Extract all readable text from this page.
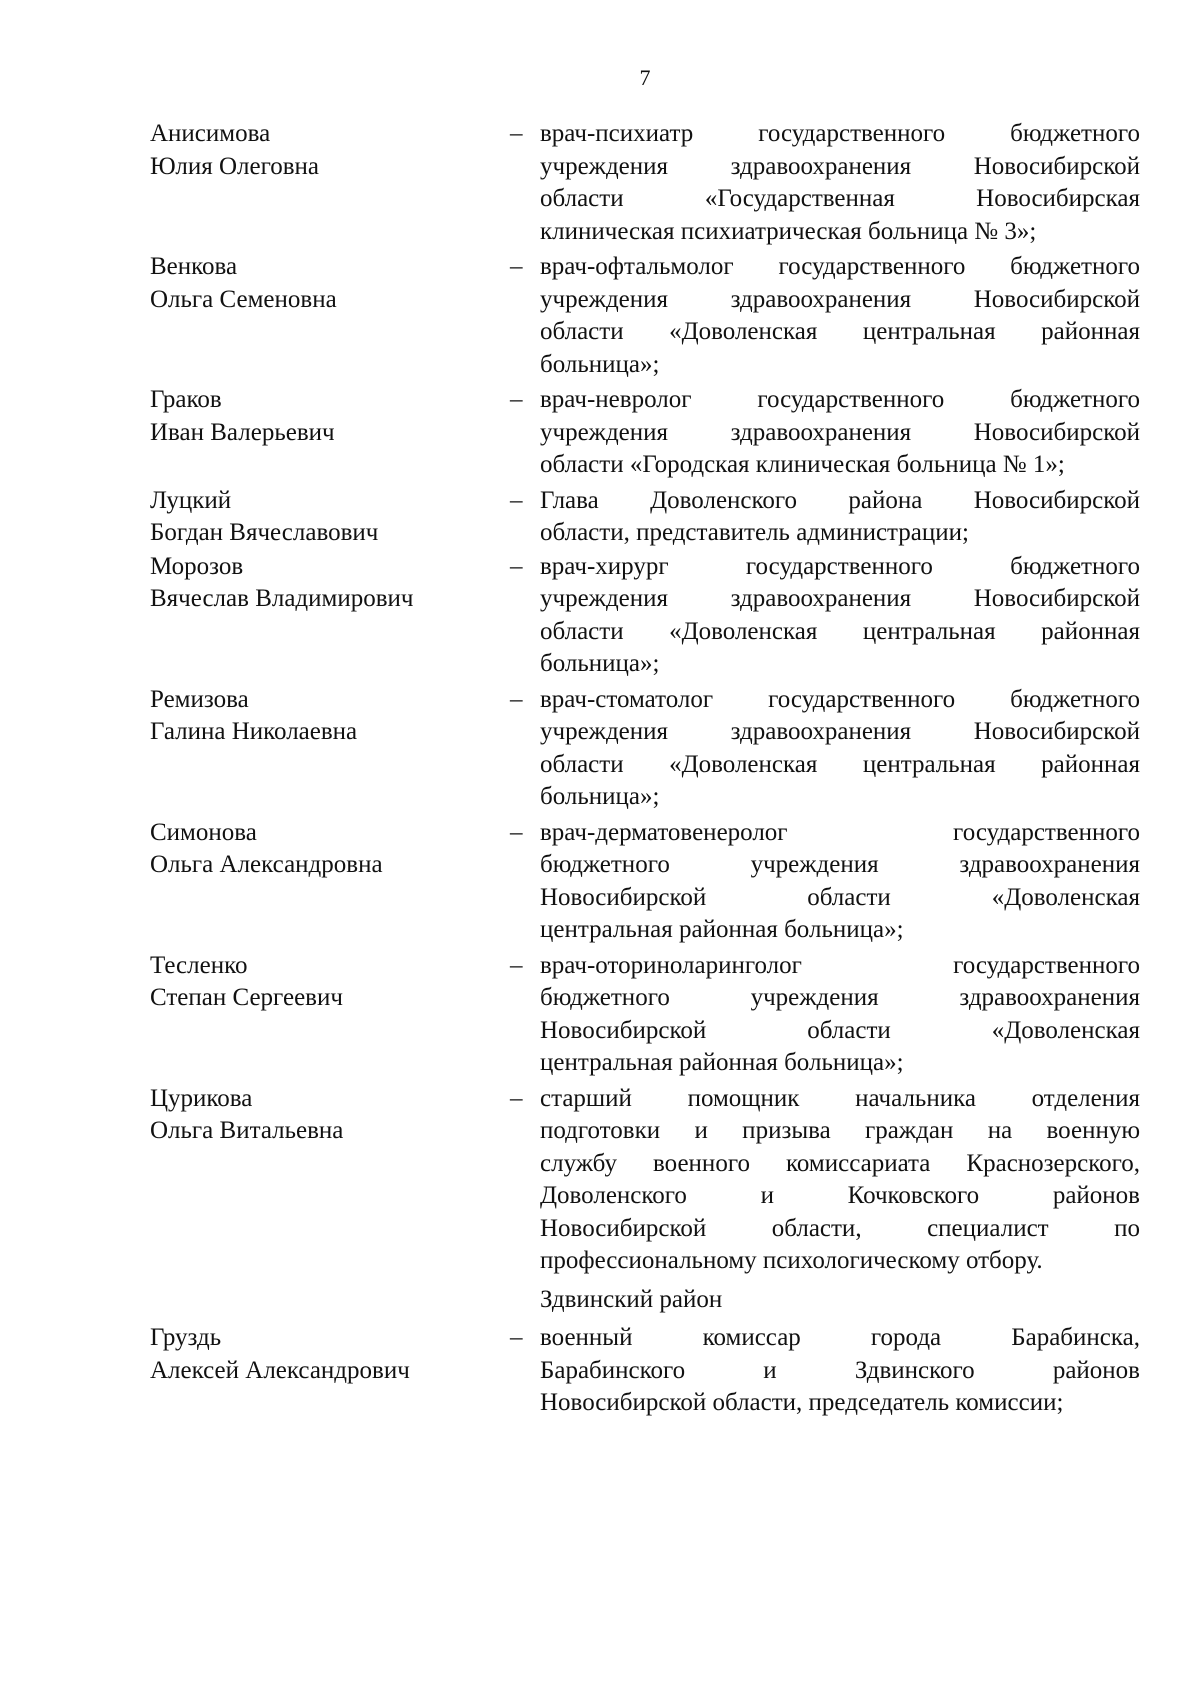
7
Анисимова
Юлия Олеговна
– врач-психиатр государственного бюджетного
учреждения здравоохранения Новосибирской
области «Государственная Новосибирская
клиническая психиатрическая больница № 3»;
Венкова
Ольга Семеновна
– врач-офтальмолог государственного бюджетного
учреждения здравоохранения Новосибирской
области «Доволенская центральная районная
больница»;
Граков
Иван Валерьевич
– врач-невролог государственного бюджетного
учреждения здравоохранения Новосибирской
области «Городская клиническая больница № 1»;
Луцкий
Богдан Вячеславович
– Глава Доволенского района Новосибирской
области, представитель администрации;
Морозов
Вячеслав Владимирович
– врач-хирург государственного бюджетного
учреждения здравоохранения Новосибирской
области «Доволенская центральная районная
больница»;
Ремизова
Галина Николаевна
– врач-стоматолог государственного бюджетного
учреждения здравоохранения Новосибирской
области «Доволенская центральная районная
больница»;
Симонова
Ольга Александровна
– врач-дерматовенеролог государственного
бюджетного учреждения здравоохранения
Новосибирской области «Доволенская
центральная районная больница»;
Тесленко
Степан Сергеевич
– врач-оториноларинголог государственного
бюджетного учреждения здравоохранения
Новосибирской области «Доволенская
центральная районная больница»;
Цурикова
Ольга Витальевна
– старший помощник начальника отделения
подготовки и призыва граждан на военную
службу военного комиссариата Краснозерского,
Доволенского и Кочковского районов
Новосибирской области, специалист по
профессиональному психологическому отбору.
Здвинский район
Груздь
Алексей Александрович
– военный комиссар города Барабинска,
Барабинского и Здвинского районов
Новосибирской области, председатель комиссии;
